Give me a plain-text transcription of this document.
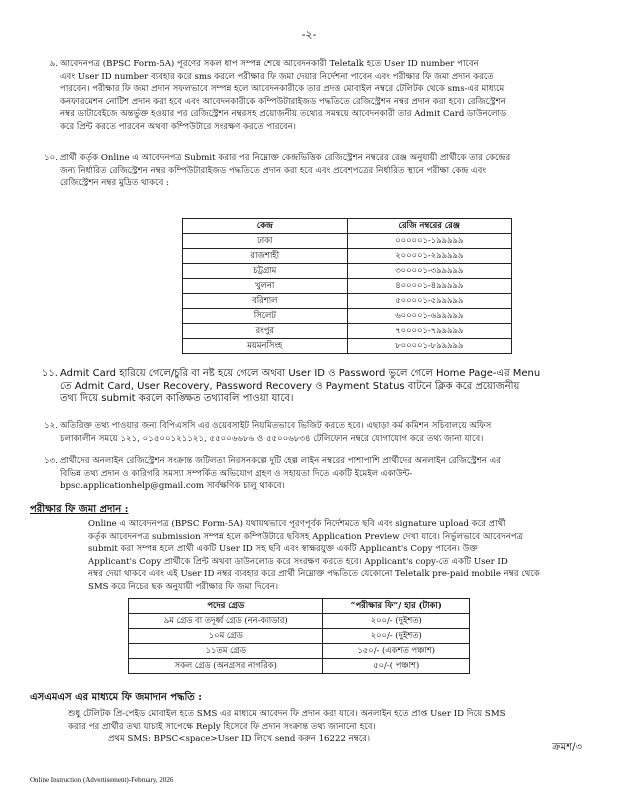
-২-
৯. আবেদনপত্র (BPSC Form-5A) পূরণের সকল ধাপ সম্পন্ন শেষে আবেদনকারী Teletalk হতে User ID number পাবেন

এবং User ID number ব্যবহার করে sms করলে পরীক্ষার ফি জমা দেয়ার নির্দেশনা পাবেন এবং পরীক্ষার ফি জমা প্রদান করতে

পারবেন। পরীক্ষার ফি জমা প্রদান সফলভাবে সম্পন্ন হলে আবেদনকারীকে তার প্রদত্ত মোবাইল নম্বরে টেলিটক থেকে sms-এর মাধ্যমে

কনফারমেশন নোটিশ প্রদান করা হবে এবং আবেদনকারীকে কম্পিউটারাইজড পদ্ধতিতে রেজিস্ট্রেশন নম্বর প্রদান করা হবে। রেজিস্ট্রেশন

নম্বর ডাটাবেইজে অন্তর্ভুক্ত হওয়ার পর রেজিস্ট্রেশন নম্বরসহ প্রয়োজনীয় তথ্যের সমন্বয়ে আবেদনকারী তার Admit Card ডাউনলোড

করে প্রিন্ট করতে পারবেন অথবা কম্পিউটারে সংরক্ষণ করতে পারবেন।

১০. প্রার্থী কর্তৃক Online এ আবেদনপত্র Submit করার পর নিম্নোক্ত কেন্দ্রভিত্তিক রেজিস্ট্রেশন নম্বরের রেঞ্জ অনুযায়ী প্রার্থীকে তার কেন্দ্রের

জন্য নির্ধারিত রেজিস্ট্রেশন নম্বর কম্পিউটারাইজড পদ্ধতিতে প্রদান করা হবে এবং প্রবেশপত্রের নির্ধারিত স্থানে পরীক্ষা কেন্দ্র এবং

রেজিস্ট্রেশন নম্বর মুদ্রিত থাকবে :

কেন্দ্র	রেজি নম্বরের রেঞ্জ
ঢাকা	০০০০০১-১৯৯৯৯৯
রাজশাহী	২০০০০১-২৯৯৯৯৯
চট্টগ্রাম	৩০০০০১-৩৯৯৯৯৯
খুলনা	৪০০০০১-৪৯৯৯৯৯
বরিশাল	৫০০০০১-৫৯৯৯৯৯
সিলেট	৬০০০০১-৬৯৯৯৯৯
রংপুর	৭০০০০১-৭৯৯৯৯৯
ময়মনসিংহ	৮০০০০১-৮৯৯৯৯৯
১১. Admit Card হারিয়ে গেলে/চুরি বা নষ্ট হয়ে গেলে অথবা User ID ও Password ভুলে গেলে Home Page-এর Menu

তে Admit Card, User Recovery, Password Recovery ও Payment Status বাটনে ক্লিক করে প্রয়োজনীয়

তথ্য দিয়ে submit করলে কাঙ্ক্ষিত তথ্যাবলি পাওয়া যাবে।

১২. অতিরিক্ত তথ্য পাওয়ার জন্য বিপিএসসি এর ওয়েবসাইট নিয়মিতভাবে ভিজিট করতে হবে। এছাড়া কর্ম কমিশন সচিবালয়ে অফিস

চলাকালীন সময়ে ১২১, ০১৫০০১২১১২১, ৫৫০০৬৬৮৬ ও ৫৫০০৬৮৩৪ টেলিফোন নম্বরে যোগাযোগ করে তথ্য জানা যাবে।

১৩. প্রার্থীদের অনলাইন রেজিস্ট্রেশন সংক্রান্ত জটিলতা নিরসনকল্পে দুটি হেল্প লাইন নম্বরের পাশাপাশি প্রার্থীদের অনলাইন রেজিস্ট্রেশন এর

বিভিন্ন তথ্য প্রদান ও কারিগরি সমস্যা সম্পর্কিত অভিযোগ গ্রহণ ও সহায়তা দিতে একটি ইমেইল একাউন্ট-

bpsc.applicationhelp@gmail.com সার্বক্ষণিক চালু থাকবে।

পরীক্ষার ফি জমা প্রদান :
Online এ আবেদনপত্র (BPSC Form-5A) যথাযথভাবে পূরণপূর্বক নির্দেশমতে ছবি এবং signature upload করে প্রার্থী
কর্তৃক আবেদনপত্র submission সম্পন্ন হলে কম্পিউটারে ছবিসহ Application Preview দেখা যাবে। নির্ভুলভাবে আবেদনপত্র
submit করা সম্পন্ন হলে প্রার্থী একটি User ID সহ ছবি এবং স্বাক্ষরযুক্ত একটি Applicant's Copy পাবেন। উক্ত
Applicant's Copy প্রার্থীকে প্রিন্ট অথবা ডাউনলোড করে সংরক্ষণ করতে হবে। Applicant's copy-তে একটি User ID
নম্বর দেয়া থাকবে এবং এই User ID নম্বর ব্যবহার করে প্রার্থী নিম্নোক্ত পদ্ধতিতে যেকোনো Teletalk pre-paid mobile নম্বর থেকে
SMS করে নিচের ছক অনুযায়ী পরীক্ষার ফি জমা দিবেন।
পদের গ্রেড	“পরীক্ষার ফি”/ হার (টাকা)
৯ম গ্রেড বা তদূর্ধ্ব গ্রেড (নন-ক্যাডার)	২০০/- (দুইশত)
১০ম গ্রেড	২০০/- (দুইশত)
১১তম গ্রেড	১৫০/- (একশত পঞ্চাশ)
সকল গ্রেড (অনগ্রসর নাগরিক)	৫০/-( পঞ্চাশ)
এসএমএস এর মাধ্যমে ফি জমাদান পদ্ধতি :
শুধু টেলিটক প্রি-পেইড মোবাইল হতে SMS এর মাধ্যমে আবেদন ফি প্রদান করা যাবে। অনলাইন হতে প্রাপ্ত User ID দিয়ে SMS
করার পর প্রার্থীর তথ্য যাচাই সাপেক্ষে Reply হিসেবে ফি প্রদান সংক্রান্ত তথ্য জানানো হবে।
প্রথম SMS: BPSC<space>User ID লিখে send করুন 16222 নম্বরে।
ক্রমশ/৩
Online Instruction (Advertisement)-February, 2026
